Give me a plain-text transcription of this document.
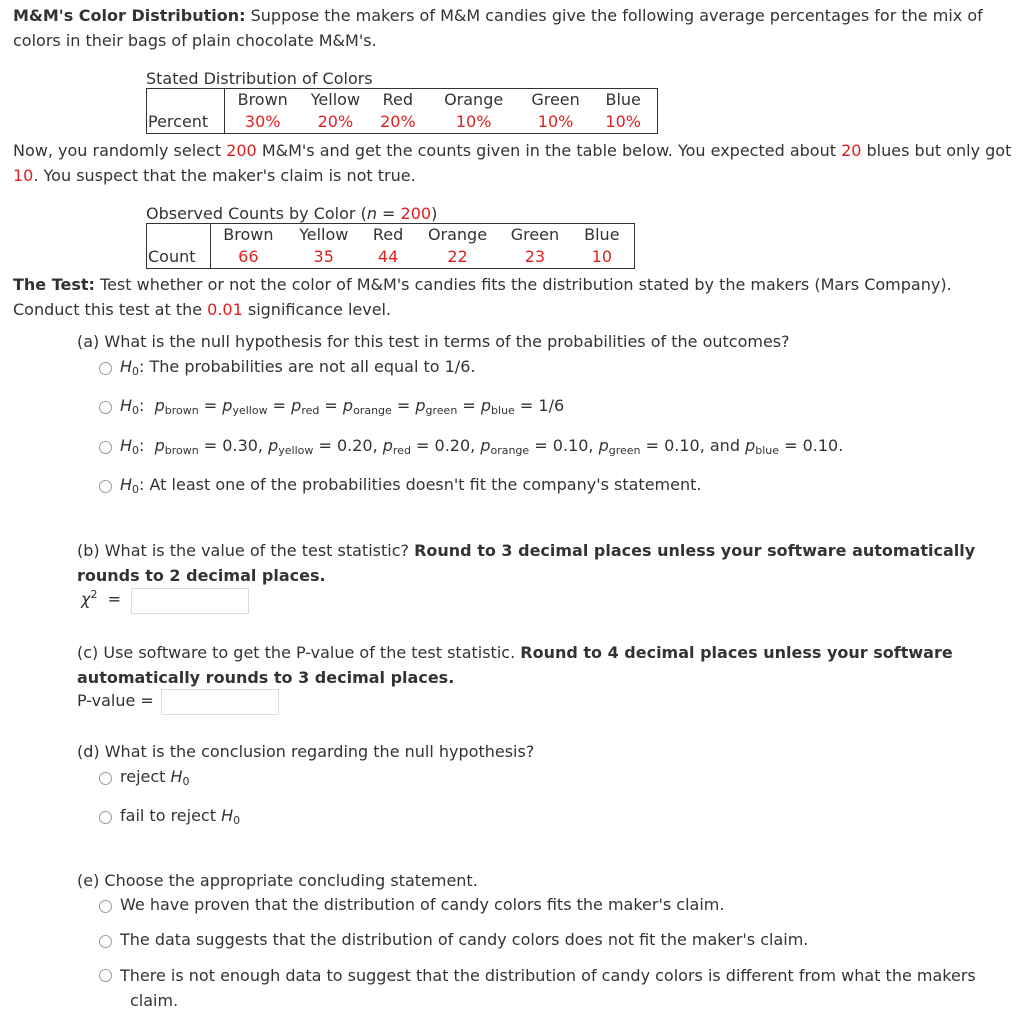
M&M's Color Distribution: Suppose the makers of M&M candies give the following average percentages for the mix of
colors in their bags of plain chocolate M&M's.
Stated Distribution of Colors
	Brown	Yellow	Red	Orange	Green	Blue
Percent	30%	20%	20%	10%	10%	10%
Now, you randomly select 200 M&M's and get the counts given in the table below. You expected about 20 blues but only got
10. You suspect that the maker's claim is not true.
Observed Counts by Color (n = 200)
	Brown	Yellow	Red	Orange	Green	Blue
Count	66	35	44	22	23	10
The Test: Test whether or not the color of M&M's candies fits the distribution stated by the makers (Mars Company).
Conduct this test at the 0.01 significance level.
(a) What is the null hypothesis for this test in terms of the probabilities of the outcomes?
$H_0$: The probabilities are not all equal to 1/6.
$H_0$:  $p_{brown} = p_{yellow} = p_{red} = p_{orange} = p_{green} = p_{blue} = 1/6$
$H_0$:  $p_{brown} = 0.30$, $p_{yellow} = 0.20$, $p_{red} = 0.20$, $p_{orange} = 0.10$, $p_{green} = 0.10$, and $p_{blue} = 0.10$.
$H_0$: At least one of the probabilities doesn't fit the company's statement.
(b) What is the value of the test statistic? Round to 3 decimal places unless your software automatically
rounds to 2 decimal places.
$\chi^2$ =
(c) Use software to get the P-value of the test statistic. Round to 4 decimal places unless your software
automatically rounds to 3 decimal places.
P-value =
(d) What is the conclusion regarding the null hypothesis?
reject $H_0$
fail to reject $H_0$
(e) Choose the appropriate concluding statement.
We have proven that the distribution of candy colors fits the maker's claim.
The data suggests that the distribution of candy colors does not fit the maker's claim.
There is not enough data to suggest that the distribution of candy colors is different from what the makers
claim.
